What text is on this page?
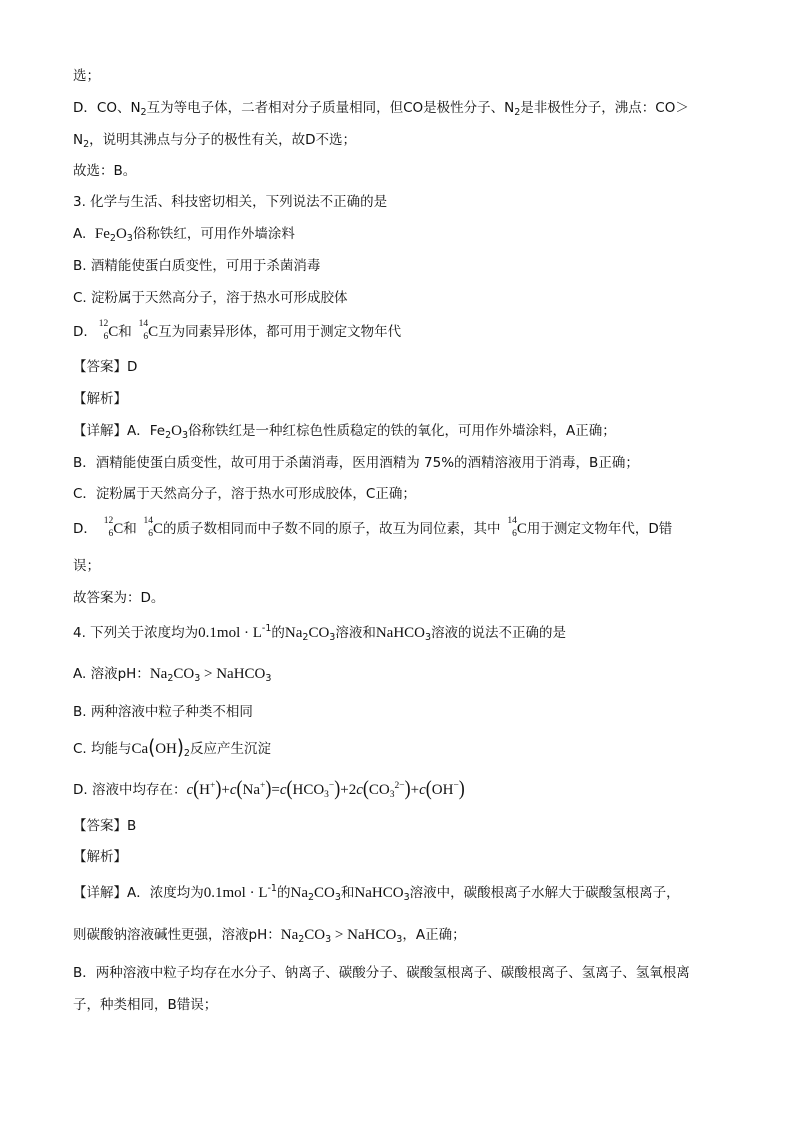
选；
D．CO、$N_2$互为等电子体，二者相对分子质量相同，但CO是极性分子、$N_2$是非极性分子，沸点：CO＞
$N_2$，说明其沸点与分子的极性有关，故D不选；
故选：B。
3. 化学与生活、科技密切相关，下列说法不正确的是
A. $Fe_2O_3$俗称铁红，可用作外墙涂料
B. 酒精能使蛋白质变性，可用于杀菌消毒
C. 淀粉属于天然高分子，溶于热水可形成胶体
D. 12
6 C和 14
6 C互为同素异形体，都可用于测定文物年代
【答案】D
【解析】
【详解】A．$Fe_2O_3$俗称铁红是一种红棕色性质稳定的铁的氧化，可用作外墙涂料，A正确；
B．酒精能使蛋白质变性，故可用于杀菌消毒，医用酒精为 75%的酒精溶液用于消毒，B正确；
C．淀粉属于天然高分子，溶于热水可形成胶体，C正确；
D． 12
6 C和 14
6 C的质子数相同而中子数不同的原子，故互为同位素，其中 14
6 C用于测定文物年代，D错
误；
故答案为：D。
4. 下列关于浓度均为$0.1mol \cdot L^{-1}$的$Na_2CO_3$溶液和NaHCO$_3$溶液的说法不正确的是
A. 溶液pH：$Na_2CO_3$ > NaHCO$_3$
B. 两种溶液中粒子种类不相同
C. 均能与$Ca(OH)_2$反应产生沉淀
D. 溶液中均存在：$c(H^+)+c(Na^+)=c(HCO_3^-)+2c(CO_3^{2-})+c(OH^-)$
【答案】B
【解析】
【详解】A．浓度均为$0.1mol \cdot L^{-1}$的$Na_2CO_3$和NaHCO$_3$溶液中，碳酸根离子水解大于碳酸氢根离子，
则碳酸钠溶液碱性更强，溶液pH：$Na_2CO_3$ > NaHCO$_3$，A正确；
B．两种溶液中粒子均存在水分子、钠离子、碳酸分子、碳酸氢根离子、碳酸根离子、氢离子、氢氧根离
子，种类相同，B错误；
